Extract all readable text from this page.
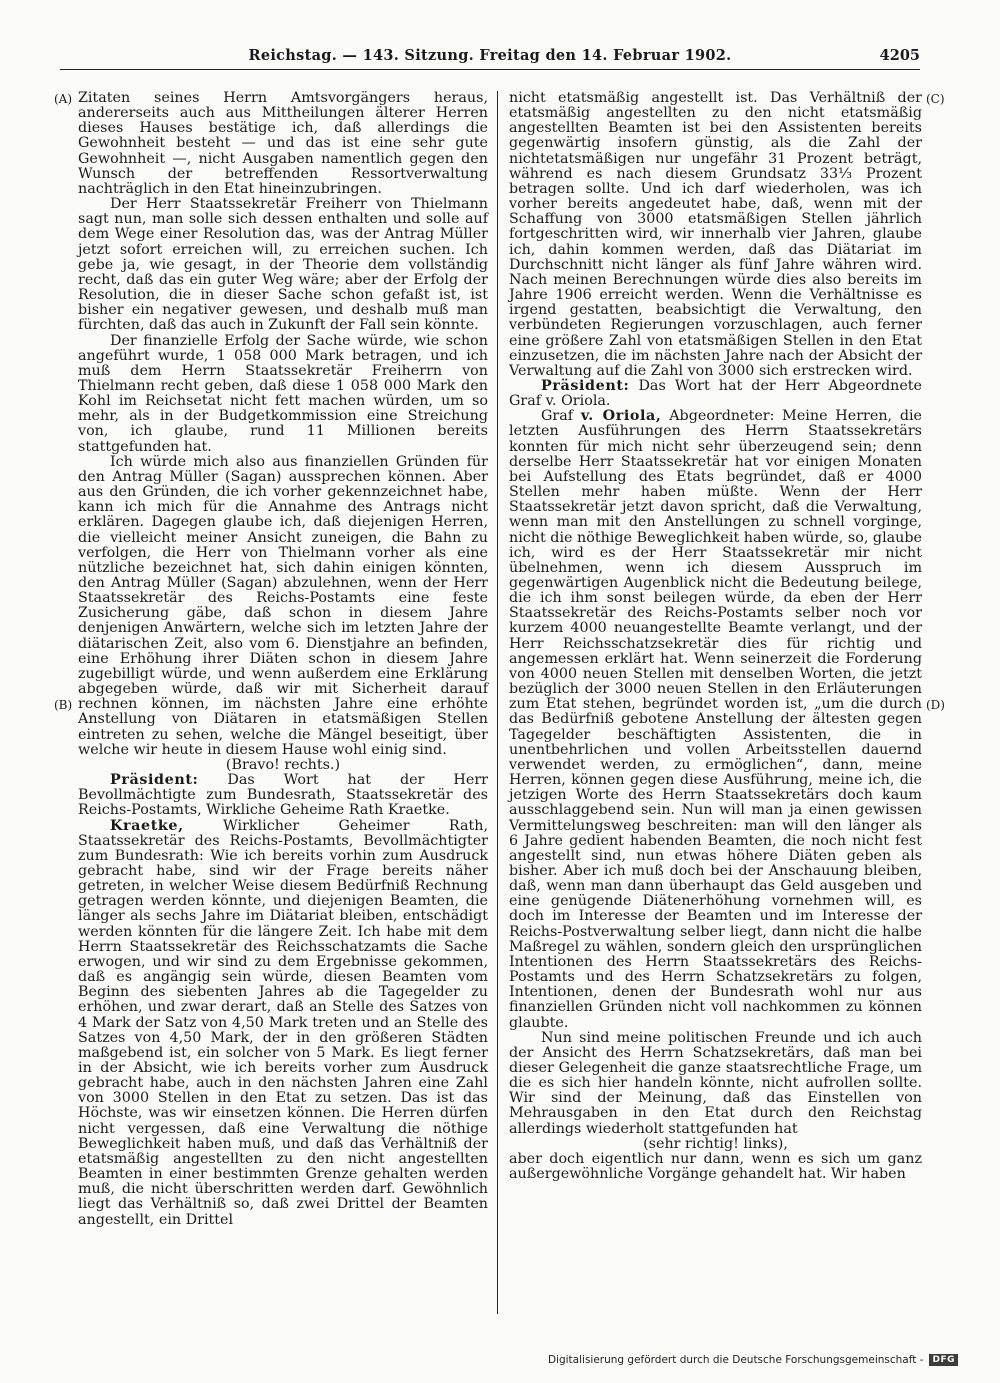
Reichstag. — 143. Sitzung. Freitag den 14. Februar 1902.	4205
(A)
(B)
(C)
(D)

Zitaten seines Herrn Amtsvorgängers heraus, andererseits auch aus Mittheilungen älterer Herren dieses Hauses bestätige ich, daß allerdings die Gewohnheit besteht — und das ist eine sehr gute Gewohnheit —, nicht Ausgaben namentlich gegen den Wunsch der betreffenden Ressortverwaltung nachträglich in den Etat hineinzubringen.

Der Herr Staatssekretär Freiherr von Thielmann sagt nun, man solle sich dessen enthalten und solle auf dem Wege einer Resolution das, was der Antrag Müller jetzt sofort erreichen will, zu erreichen suchen. Ich gebe ja, wie gesagt, in der Theorie dem vollständig recht, daß das ein guter Weg wäre; aber der Erfolg der Resolution, die in dieser Sache schon gefaßt ist, ist bisher ein negativer gewesen, und deshalb muß man fürchten, daß das auch in Zukunft der Fall sein könnte.

Der finanzielle Erfolg der Sache würde, wie schon angeführt wurde, 1 058 000 Mark betragen, und ich muß dem Herrn Staatssekretär Freiherrn von Thielmann recht geben, daß diese 1 058 000 Mark den Kohl im Reichsetat nicht fett machen würden, um so mehr, als in der Budgetkommission eine Streichung von, ich glaube, rund 11 Millionen bereits stattgefunden hat.

Ich würde mich also aus finanziellen Gründen für den Antrag Müller (Sagan) aussprechen können. Aber aus den Gründen, die ich vorher gekennzeichnet habe, kann ich mich für die Annahme des Antrags nicht erklären. Dagegen glaube ich, daß diejenigen Herren, die vielleicht meiner Ansicht zuneigen, die Bahn zu verfolgen, die Herr von Thielmann vorher als eine nützliche bezeichnet hat, sich dahin einigen könnten, den Antrag Müller (Sagan) abzulehnen, wenn der Herr Staatssekretär des Reichs-Postamts eine feste Zusicherung gäbe, daß schon in diesem Jahre denjenigen Anwärtern, welche sich im letzten Jahre der diätarischen Zeit, also vom 6. Dienstjahre an befinden, eine Erhöhung ihrer Diäten schon in diesem Jahre zugebilligt würde, und wenn außerdem eine Erklärung abgegeben würde, daß wir mit Sicherheit darauf rechnen können, im nächsten Jahre eine erhöhte Anstellung von Diätaren in etatsmäßigen Stellen eintreten zu sehen, welche die Mängel beseitigt, über welche wir heute in diesem Hause wohl einig sind.

(Bravo! rechts.)

Präsident: Das Wort hat der Herr Bevollmächtigte zum Bundesrath, Staatssekretär des Reichs-Postamts, Wirkliche Geheime Rath Kraetke.

Kraetke,	Wirklicher Geheimer Rath, Staatssekretär des Reichs-Postamts, Bevollmächtigter zum Bundesrath: Wie ich bereits vorhin zum Ausdruck gebracht habe, sind wir der Frage bereits näher getreten, in welcher Weise diesem Bedürfniß Rechnung getragen werden könnte, und diejenigen Beamten, die länger als sechs Jahre im Diätariat bleiben, entschädigt werden könnten für die längere Zeit. Ich habe mit dem Herrn Staatssekretär des Reichsschatzamts die Sache erwogen, und wir sind zu dem Ergebnisse gekommen, daß es angängig sein würde, diesen Beamten vom Beginn des siebenten Jahres ab die Tagegelder zu erhöhen, und zwar derart, daß an Stelle des Satzes von 4 Mark der Satz von 4,50 Mark treten und an Stelle des Satzes von 4,50 Mark, der in den größeren Städten maßgebend ist, ein solcher von 5 Mark. Es liegt ferner in der Absicht, wie ich bereits vorher zum Ausdruck gebracht habe, auch in den nächsten Jahren eine Zahl von 3000 Stellen in den Etat zu setzen. Das ist das Höchste, was wir einsetzen können. Die Herren dürfen nicht vergessen, daß eine Verwaltung die nöthige Beweglichkeit haben muß, und daß das Verhältniß der etatsmäßig angestellten zu den nicht angestellten Beamten in einer bestimmten Grenze gehalten werden muß, die nicht überschritten werden darf. Gewöhnlich liegt das Verhältniß so, daß zwei Drittel der Beamten angestellt, ein Drittel

nicht etatsmäßig angestellt ist. Das Verhältniß der etatsmäßig angestellten zu den nicht etatsmäßig angestellten Beamten ist bei den Assistenten bereits gegenwärtig insofern günstig, als die Zahl der nichtetatsmäßigen nur ungefähr 31 Prozent beträgt, während es nach diesem Grundsatz 33⅓ Prozent betragen sollte. Und ich darf wiederholen, was ich vorher bereits angedeutet habe, daß, wenn mit der Schaffung von 3000 etatsmäßigen Stellen jährlich fortgeschritten wird, wir innerhalb vier Jahren, glaube ich, dahin kommen werden, daß das Diätariat im Durchschnitt nicht länger als fünf Jahre währen wird. Nach meinen Berechnungen würde dies also bereits im Jahre 1906 erreicht werden. Wenn die Verhältnisse es irgend gestatten, beabsichtigt die Verwaltung, den verbündeten Regierungen vorzuschlagen, auch ferner eine größere Zahl von etatsmäßigen Stellen in den Etat einzusetzen, die im nächsten Jahre nach der Absicht der Verwaltung auf die Zahl von 3000 sich erstrecken wird.

Präsident: Das Wort hat der Herr Abgeordnete Graf v. Oriola.

Graf v. Oriola, Abgeordneter: Meine Herren, die letzten Ausführungen des Herrn Staatssekretärs konnten für mich nicht sehr überzeugend sein; denn derselbe Herr Staatssekretär hat vor einigen Monaten bei Aufstellung des Etats begründet, daß er 4000 Stellen mehr haben müßte. Wenn der Herr Staatssekretär jetzt davon spricht, daß die Verwaltung, wenn man mit den Anstellungen zu schnell vorginge, nicht die nöthige Beweglichkeit haben würde, so, glaube ich, wird es der Herr Staatssekretär mir nicht übelnehmen, wenn ich diesem Ausspruch im gegenwärtigen Augenblick nicht die Bedeutung beilege, die ich ihm sonst beilegen würde, da eben der Herr Staatssekretär des Reichs-Postamts selber noch vor kurzem 4000 neuangestellte Beamte verlangt, und der Herr Reichsschatzsekretär dies für richtig und angemessen erklärt hat. Wenn seinerzeit die Forderung von 4000 neuen Stellen mit denselben Worten, die jetzt bezüglich der 3000 neuen Stellen in den Erläuterungen zum Etat stehen, begründet worden ist, „um die durch das Bedürfniß gebotene Anstellung der ältesten gegen Tagegelder beschäftigten Assistenten, die in unentbehrlichen und vollen Arbeitsstellen dauernd verwendet werden, zu ermöglichen“, dann, meine Herren, können gegen diese Ausführung, meine ich, die jetzigen Worte des Herrn Staatssekretärs doch kaum ausschlaggebend sein. Nun will man ja einen gewissen Vermittelungsweg beschreiten: man will den länger als 6 Jahre gedient habenden Beamten, die noch nicht fest angestellt sind, nun etwas höhere Diäten geben als bisher. Aber ich muß doch bei der Anschauung bleiben, daß, wenn man dann überhaupt das Geld ausgeben und eine genügende Diätenerhöhung vornehmen will, es doch im Interesse der Beamten und im Interesse der Reichs-Postverwaltung selber liegt, dann nicht die halbe Maßregel zu wählen, sondern gleich den ursprünglichen Intentionen des Herrn Staatssekretärs des Reichs-Postamts und des Herrn Schatzsekretärs zu folgen, Intentionen, denen der Bundesrath wohl nur aus finanziellen Gründen nicht voll nachkommen zu können glaubte.

Nun sind meine politischen Freunde und ich auch der Ansicht des Herrn Schatzsekretärs, daß man bei dieser Gelegenheit die ganze staatsrechtliche Frage, um die es sich hier handeln könnte, nicht aufrollen sollte. Wir sind der Meinung, daß das Einstellen von Mehrausgaben in den Etat durch den Reichstag allerdings wiederholt stattgefunden hat

(sehr richtig! links),

aber doch eigentlich nur dann, wenn es sich um ganz außergewöhnliche Vorgänge gehandelt hat. Wir haben

Digitalisierung gefördert durch die Deutsche Forschungsgemeinschaft -	DFG
